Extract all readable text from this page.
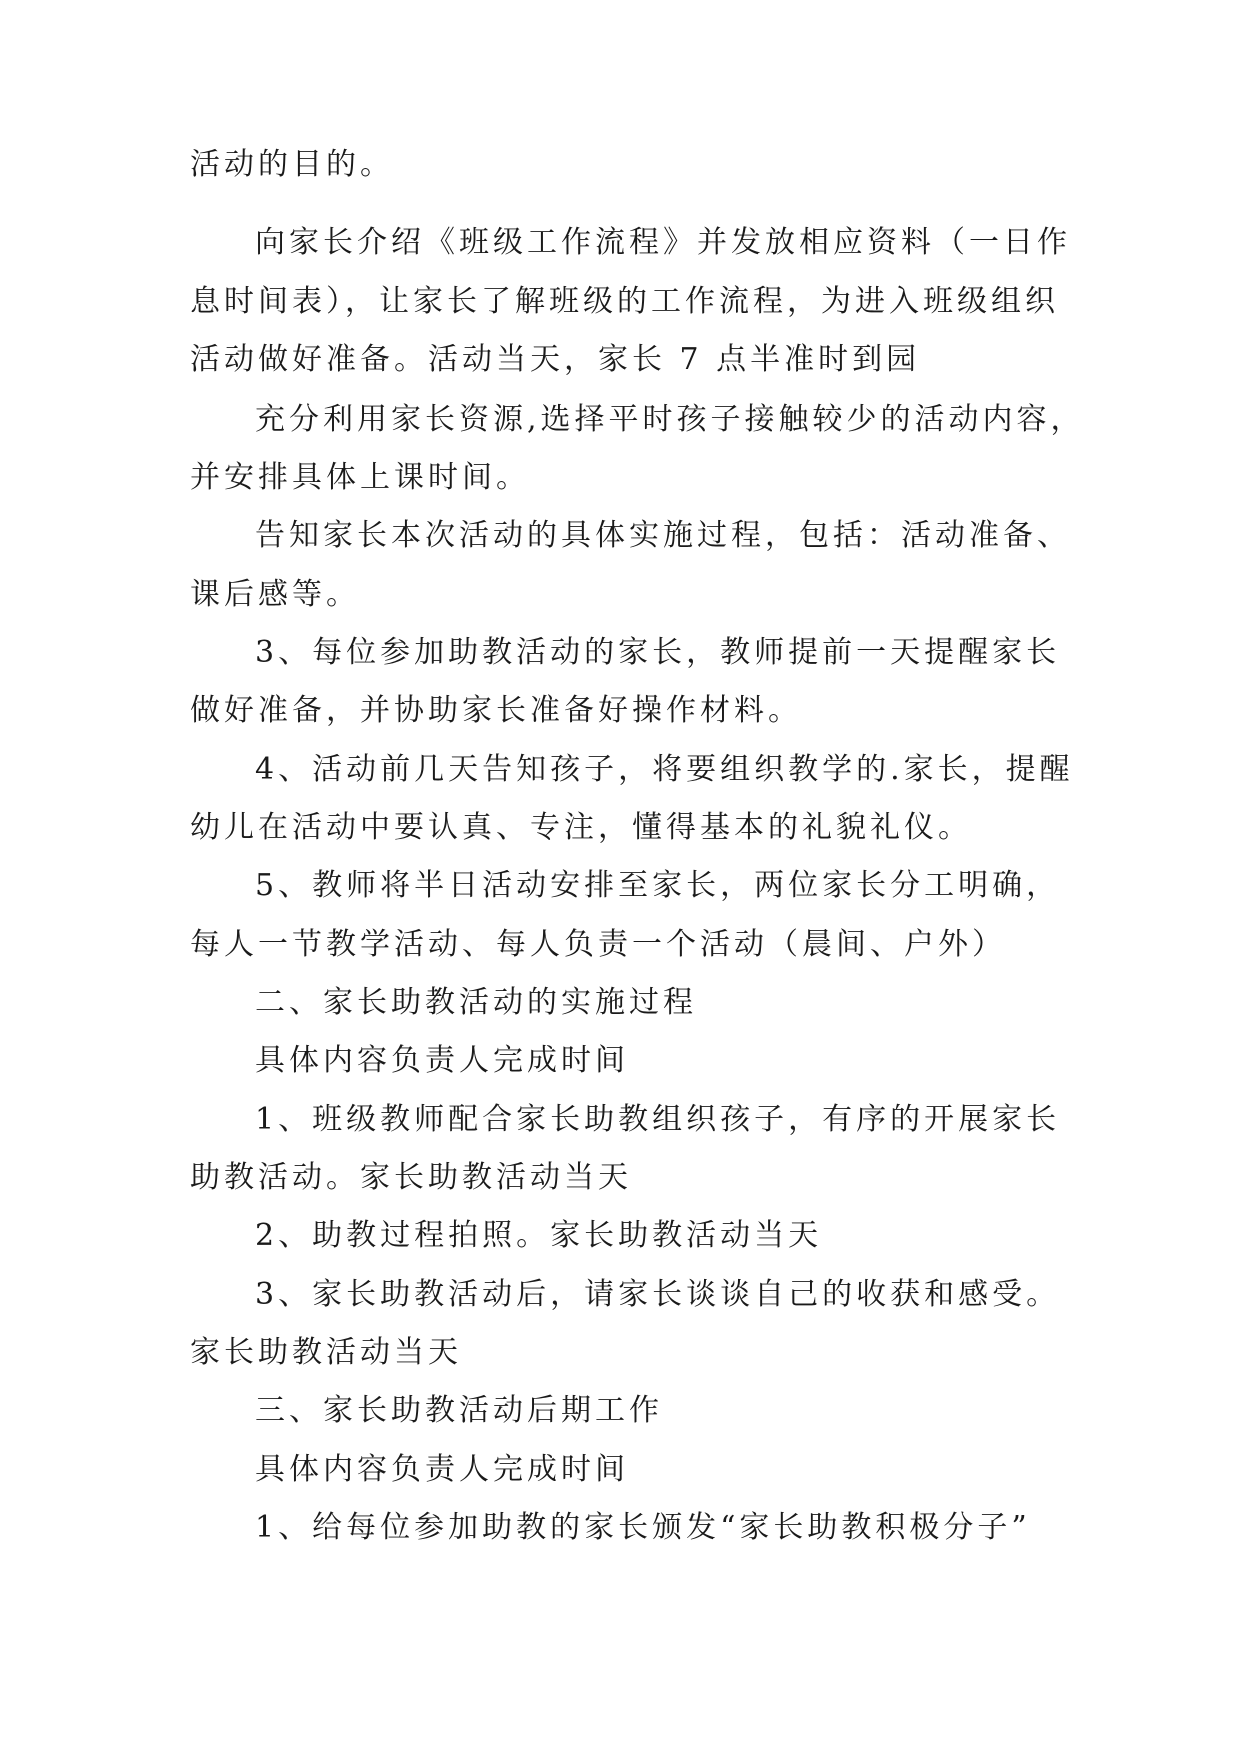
活动的目的。
向家长介绍《班级工作流程》并发放相应资料（一日作
息时间表），让家长了解班级的工作流程，为进入班级组织
活动做好准备。活动当天，家长 7 点半准时到园
充分利用家长资源,选择平时孩子接触较少的活动内容，
并安排具体上课时间。
告知家长本次活动的具体实施过程，包括：活动准备、
课后感等。
3、每位参加助教活动的家长，教师提前一天提醒家长
做好准备，并协助家长准备好操作材料。
4、活动前几天告知孩子，将要组织教学的.家长，提醒
幼儿在活动中要认真、专注，懂得基本的礼貌礼仪。
5、教师将半日活动安排至家长，两位家长分工明确，
每人一节教学活动、每人负责一个活动（晨间、户外）
二、家长助教活动的实施过程
具体内容负责人完成时间
1、班级教师配合家长助教组织孩子，有序的开展家长
助教活动。家长助教活动当天
2、助教过程拍照。家长助教活动当天
3、家长助教活动后，请家长谈谈自己的收获和感受。
家长助教活动当天
三、家长助教活动后期工作
具体内容负责人完成时间
1、给每位参加助教的家长颁发“家长助教积极分子”
